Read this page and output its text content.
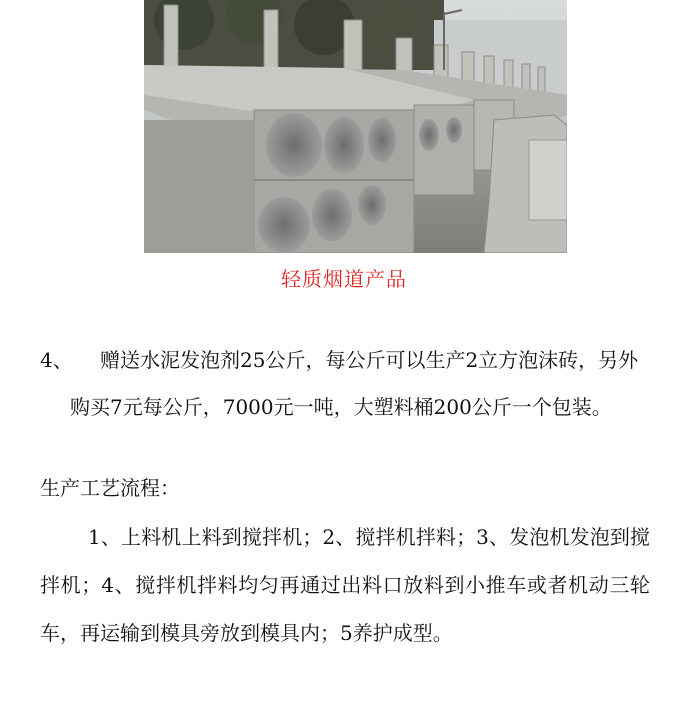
轻质烟道产品
4、	赠送水泥发泡剂25公斤，每公斤可以生产2立方泡沫砖，另外购买7元每公斤，7000元一吨，大塑料桶200公斤一个包装。
生产工艺流程：
1、上料机上料到搅拌机；2、搅拌机拌料；3、发泡机发泡到搅拌机；4、搅拌机拌料均匀再通过出料口放料到小推车或者机动三轮车，再运输到模具旁放到模具内；5养护成型。
